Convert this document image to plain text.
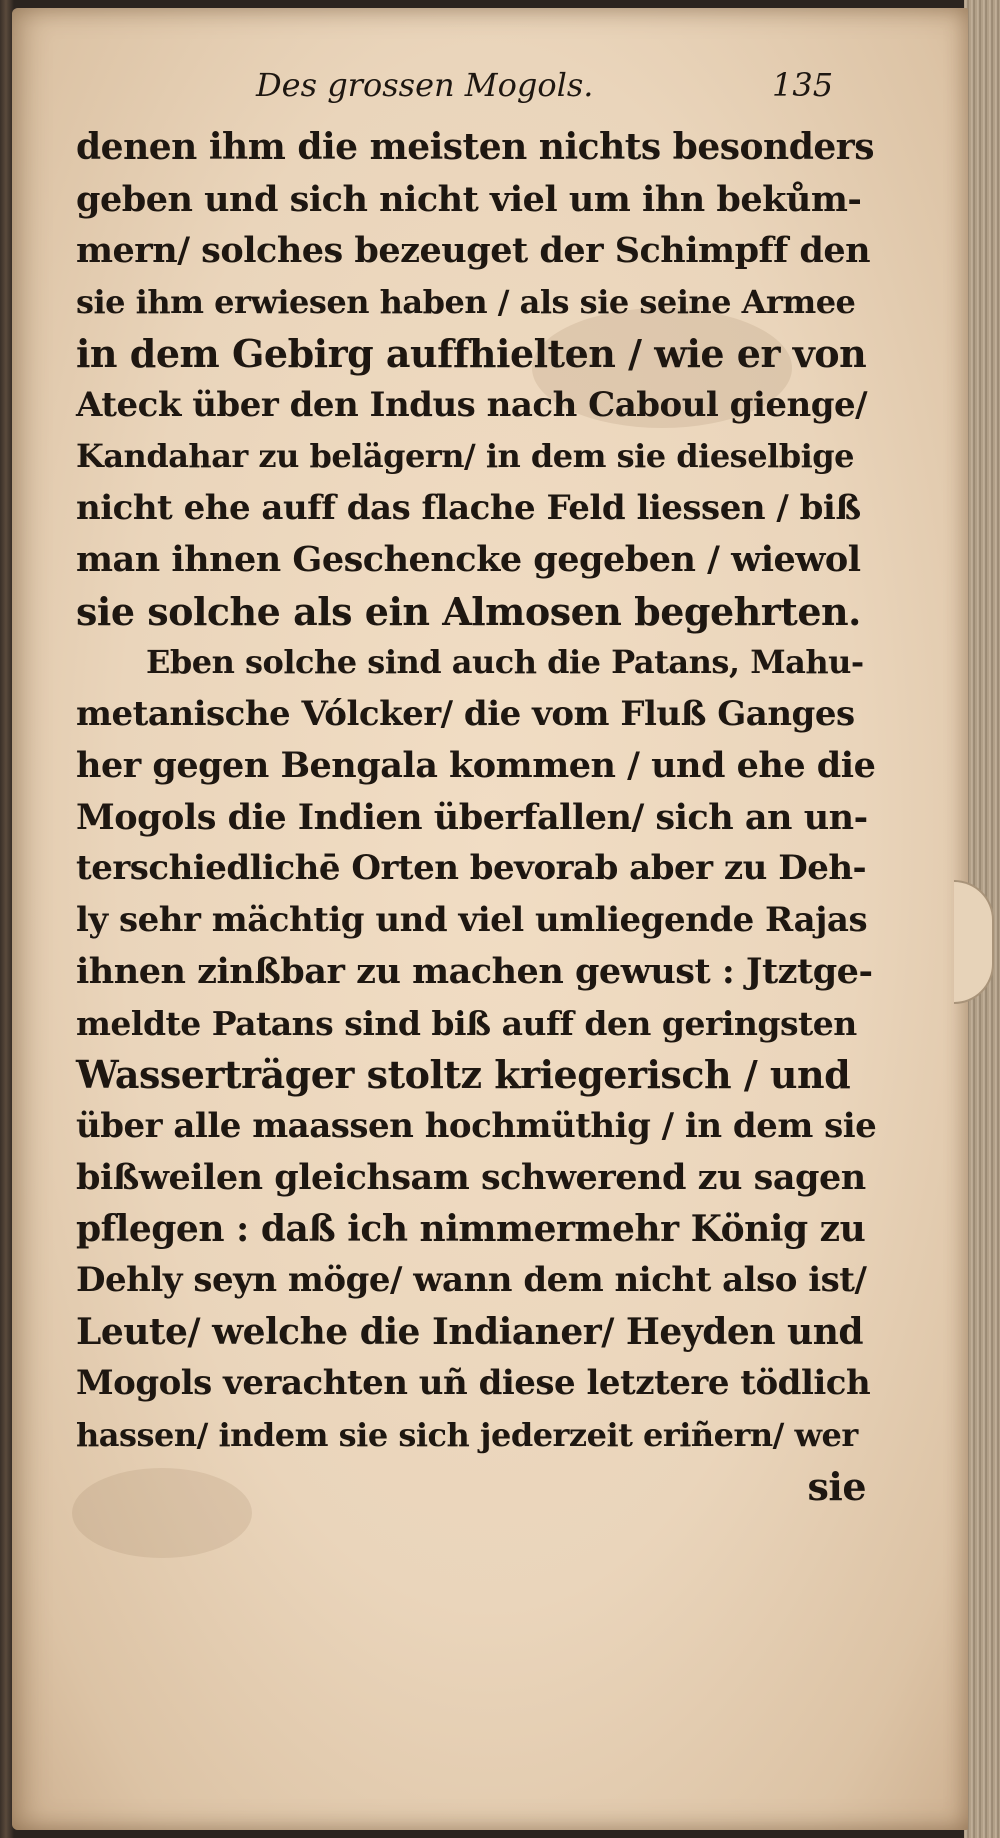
Des grossen Mogols.	135
denen ihm die meisten nichts besonders
geben und sich nicht viel um ihn bekům-
mern/ solches bezeuget der Schimpff den
sie ihm erwiesen haben / als sie seine Armee
in dem Gebirg auffhielten / wie er von
Ateck über den Indus nach Caboul gienge/
Kandahar zu belägern/ in dem sie dieselbige
nicht ehe auff das flache Feld liessen / biß
man ihnen Geschencke gegeben / wiewol
sie solche als ein Almosen begehrten.
Eben solche sind auch die Patans, Mahu-
metanische Vólcker/ die vom Fluß Ganges
her gegen Bengala kommen / und ehe die
Mogols die Indien überfallen/ sich an un-
terschiedlichē Orten bevorab aber zu Deh-
ly sehr mächtig und viel umliegende Rajas
ihnen zinßbar zu machen gewust : Jtztge-
meldte Patans sind biß auff den geringsten
Wasserträger stoltz kriegerisch / und
über alle maassen hochmüthig / in dem sie
bißweilen gleichsam schwerend zu sagen
pflegen : daß ich nimmermehr König zu
Dehly seyn möge/ wann dem nicht also ist/
Leute/ welche die Indianer/ Heyden und
Mogols verachten uñ diese letztere tödlich
hassen/ indem sie sich jederzeit eriñern/ wer
sie
